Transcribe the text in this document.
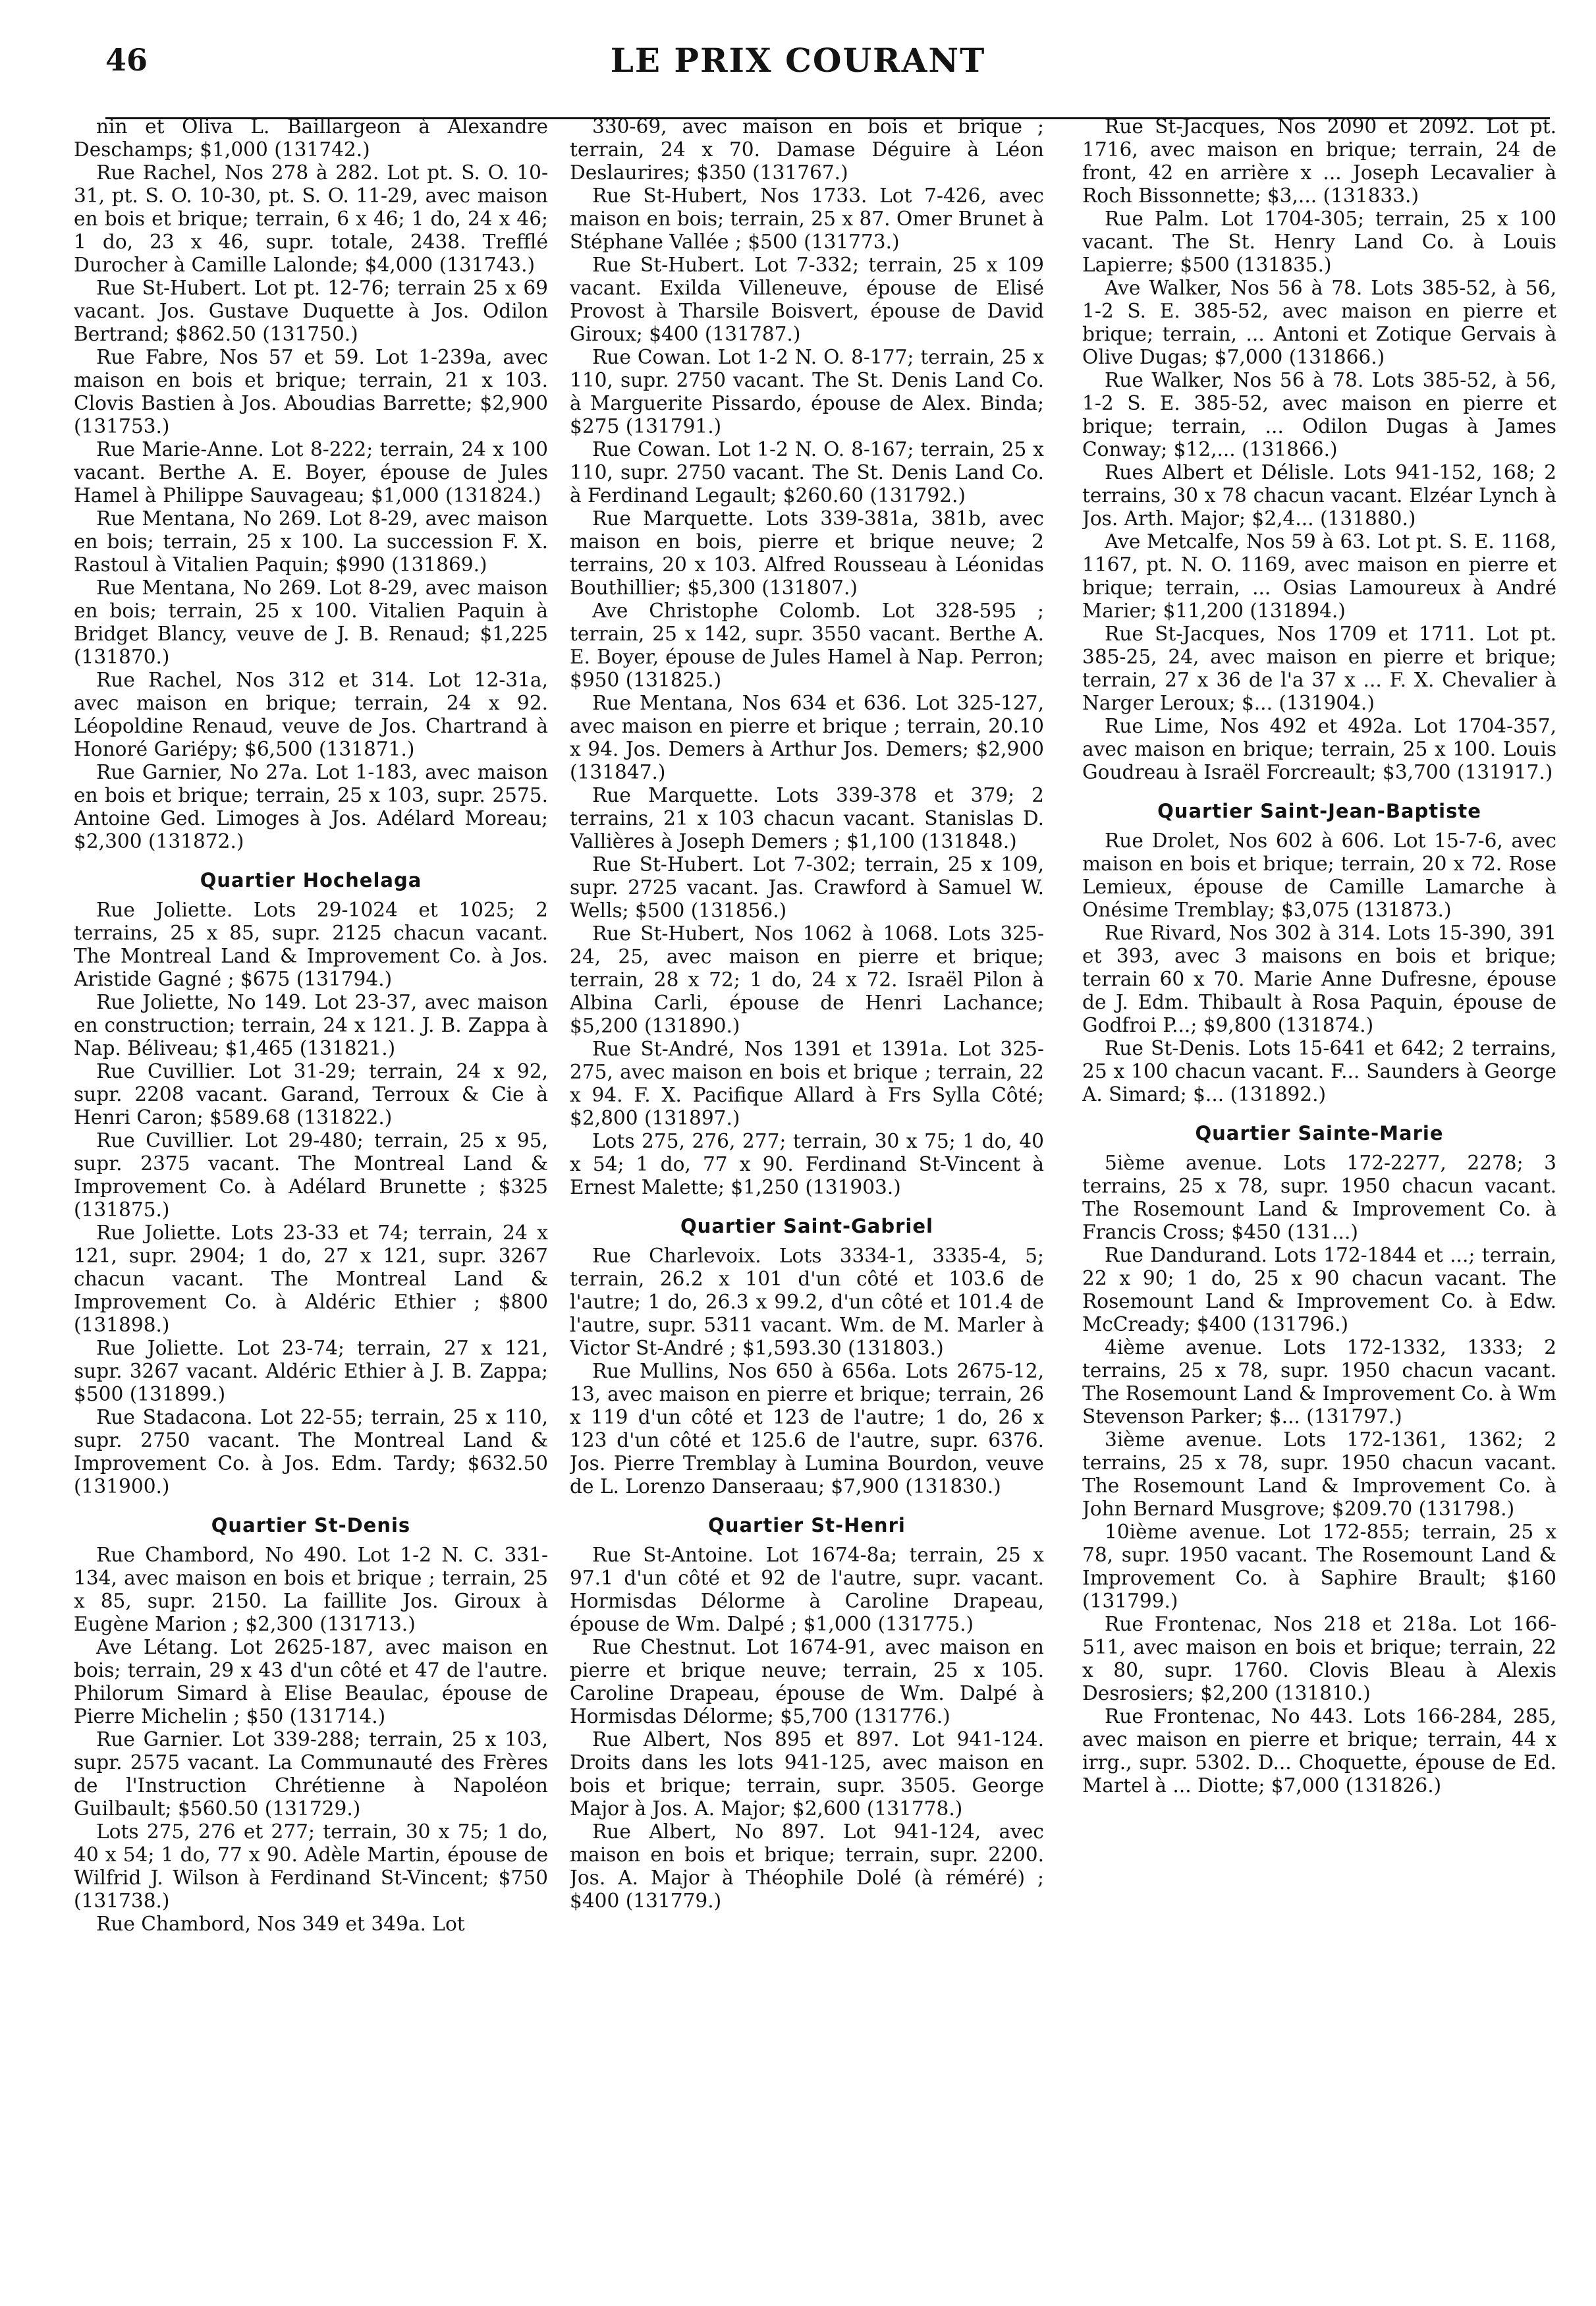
46	LE PRIX COURANT
nin et Oliva L. Baillargeon à Alexandre Deschamps; $1,000 (131742.)
Rue Rachel, Nos 278 à 282. Lot pt. S. O. 10-31, pt. S. O. 10-30, pt. S. O. 11-29, avec maison en bois et brique; terrain, 6 x 46; 1 do, 24 x 46; 1 do, 23 x 46, supr. totale, 2438. Trefflé Durocher à Camille Lalonde; $4,000 (131743.)
Rue St-Hubert. Lot pt. 12-76; terrain 25 x 69 vacant. Jos. Gustave Duquette à Jos. Odilon Bertrand; $862.50 (131750.)
Rue Fabre, Nos 57 et 59. Lot 1-239a, avec maison en bois et brique; terrain, 21 x 103. Clovis Bastien à Jos. Aboudias Barrette; $2,900 (131753.)
Rue Marie-Anne. Lot 8-222; terrain, 24 x 100 vacant. Berthe A. E. Boyer, épouse de Jules Hamel à Philippe Sauvageau; $1,000 (131824.)
Rue Mentana, No 269. Lot 8-29, avec maison en bois; terrain, 25 x 100. La succession F. X. Rastoul à Vitalien Paquin; $990 (131869.)
Rue Mentana, No 269. Lot 8-29, avec maison en bois; terrain, 25 x 100. Vitalien Paquin à Bridget Blancy, veuve de J. B. Renaud; $1,225 (131870.)
Rue Rachel, Nos 312 et 314. Lot 12-31a, avec maison en brique; terrain, 24 x 92. Léopoldine Renaud, veuve de Jos. Chartrand à Honoré Gariépy; $6,500 (131871.)
Rue Garnier, No 27a. Lot 1-183, avec maison en bois et brique; terrain, 25 x 103, supr. 2575. Antoine Ged. Limoges à Jos. Adélard Moreau; $2,300 (131872.)
Quartier Hochelaga
Rue Joliette. Lots 29-1024 et 1025; 2 terrains, 25 x 85, supr. 2125 chacun vacant. The Montreal Land & Improvement Co. à Jos. Aristide Gagné ; $675 (131794.)
Rue Joliette, No 149. Lot 23-37, avec maison en construction; terrain, 24 x 121. J. B. Zappa à Nap. Béliveau; $1,465 (131821.)
Rue Cuvillier. Lot 31-29; terrain, 24 x 92, supr. 2208 vacant. Garand, Terroux & Cie à Henri Caron; $589.68 (131822.)
Rue Cuvillier. Lot 29-480; terrain, 25 x 95, supr. 2375 vacant. The Montreal Land & Improvement Co. à Adélard Brunette ; $325 (131875.)
Rue Joliette. Lots 23-33 et 74; terrain, 24 x 121, supr. 2904; 1 do, 27 x 121, supr. 3267 chacun vacant. The Montreal Land & Improvement Co. à Aldéric Ethier ; $800 (131898.)
Rue Joliette. Lot 23-74; terrain, 27 x 121, supr. 3267 vacant. Aldéric Ethier à J. B. Zappa; $500 (131899.)
Rue Stadacona. Lot 22-55; terrain, 25 x 110, supr. 2750 vacant. The Montreal Land & Improvement Co. à Jos. Edm. Tardy; $632.50 (131900.)
Quartier St-Denis
Rue Chambord, No 490. Lot 1-2 N. C. 331-134, avec maison en bois et brique ; terrain, 25 x 85, supr. 2150. La faillite Jos. Giroux à Eugène Marion ; $2,300 (131713.)
Ave Létang. Lot 2625-187, avec maison en bois; terrain, 29 x 43 d'un côté et 47 de l'autre. Philorum Simard à Elise Beaulac, épouse de Pierre Michelin ; $50 (131714.)
Rue Garnier. Lot 339-288; terrain, 25 x 103, supr. 2575 vacant. La Communauté des Frères de l'Instruction Chrétienne à Napoléon Guilbault; $560.50 (131729.)
Lots 275, 276 et 277; terrain, 30 x 75; 1 do, 40 x 54; 1 do, 77 x 90. Adèle Martin, épouse de Wilfrid J. Wilson à Ferdinand St-Vincent; $750 (131738.)
Rue Chambord, Nos 349 et 349a. Lot
330-69, avec maison en bois et brique ; terrain, 24 x 70. Damase Déguire à Léon Deslaurires; $350 (131767.)
Rue St-Hubert, Nos 1733. Lot 7-426, avec maison en bois; terrain, 25 x 87. Omer Brunet à Stéphane Vallée ; $500 (131773.)
Rue St-Hubert. Lot 7-332; terrain, 25 x 109 vacant. Exilda Villeneuve, épouse de Elisé Provost à Tharsile Boisvert, épouse de David Giroux; $400 (131787.)
Rue Cowan. Lot 1-2 N. O. 8-177; terrain, 25 x 110, supr. 2750 vacant. The St. Denis Land Co. à Marguerite Pissardo, épouse de Alex. Binda; $275 (131791.)
Rue Cowan. Lot 1-2 N. O. 8-167; terrain, 25 x 110, supr. 2750 vacant. The St. Denis Land Co. à Ferdinand Legault; $260.60 (131792.)
Rue Marquette. Lots 339-381a, 381b, avec maison en bois, pierre et brique neuve; 2 terrains, 20 x 103. Alfred Rousseau à Léonidas Bouthillier; $5,300 (131807.)
Ave Christophe Colomb. Lot 328-595 ; terrain, 25 x 142, supr. 3550 vacant. Berthe A. E. Boyer, épouse de Jules Hamel à Nap. Perron; $950 (131825.)
Rue Mentana, Nos 634 et 636. Lot 325-127, avec maison en pierre et brique ; terrain, 20.10 x 94. Jos. Demers à Arthur Jos. Demers; $2,900 (131847.)
Rue Marquette. Lots 339-378 et 379; 2 terrains, 21 x 103 chacun vacant. Stanislas D. Vallières à Joseph Demers ; $1,100 (131848.)
Rue St-Hubert. Lot 7-302; terrain, 25 x 109, supr. 2725 vacant. Jas. Crawford à Samuel W. Wells; $500 (131856.)
Rue St-Hubert, Nos 1062 à 1068. Lots 325-24, 25, avec maison en pierre et brique; terrain, 28 x 72; 1 do, 24 x 72. Israël Pilon à Albina Carli, épouse de Henri Lachance; $5,200 (131890.)
Rue St-André, Nos 1391 et 1391a. Lot 325-275, avec maison en bois et brique ; terrain, 22 x 94. F. X. Pacifique Allard à Frs Sylla Côté; $2,800 (131897.)
Lots 275, 276, 277; terrain, 30 x 75; 1 do, 40 x 54; 1 do, 77 x 90. Ferdinand St-Vincent à Ernest Malette; $1,250 (131903.)
Quartier Saint-Gabriel
Rue Charlevoix. Lots 3334-1, 3335-4, 5; terrain, 26.2 x 101 d'un côté et 103.6 de l'autre; 1 do, 26.3 x 99.2, d'un côté et 101.4 de l'autre, supr. 5311 vacant. Wm. de M. Marler à Victor St-André ; $1,593.30 (131803.)
Rue Mullins, Nos 650 à 656a. Lots 2675-12, 13, avec maison en pierre et brique; terrain, 26 x 119 d'un côté et 123 de l'autre; 1 do, 26 x 123 d'un côté et 125.6 de l'autre, supr. 6376. Jos. Pierre Tremblay à Lumina Bourdon, veuve de L. Lorenzo Danseraau; $7,900 (131830.)
Quartier St-Henri
Rue St-Antoine. Lot 1674-8a; terrain, 25 x 97.1 d'un côté et 92 de l'autre, supr. vacant. Hormisdas Délorme à Caroline Drapeau, épouse de Wm. Dalpé ; $1,000 (131775.)
Rue Chestnut. Lot 1674-91, avec maison en pierre et brique neuve; terrain, 25 x 105. Caroline Drapeau, épouse de Wm. Dalpé à Hormisdas Délorme; $5,700 (131776.)
Rue Albert, Nos 895 et 897. Lot 941-124. Droits dans les lots 941-125, avec maison en bois et brique; terrain, supr. 3505. George Major à Jos. A. Major; $2,600 (131778.)
Rue Albert, No 897. Lot 941-124, avec maison en bois et brique; terrain, supr. 2200. Jos. A. Major à Théophile Dolé (à réméré) ; $400 (131779.)
Rue St-Jacques, Nos 2090 et 2092. Lot pt. 1716, avec maison en brique; terrain, 24 de front, 42 en arrière x ... Joseph Lecavalier à Roch Bissonnette; $3,... (131833.)
Rue Palm. Lot 1704-305; terrain, 25 x 100 vacant. The St. Henry Land Co. à Louis Lapierre; $500 (131835.)
Ave Walker, Nos 56 à 78. Lots 385-52, à 56, 1-2 S. E. 385-52, avec maison en pierre et brique; terrain, ... Antoni et Zotique Gervais à Olive Dugas; $7,000 (131866.)
Rue Walker, Nos 56 à 78. Lots 385-52, à 56, 1-2 S. E. 385-52, avec maison en pierre et brique; terrain, ... Odilon Dugas à James Conway; $12,... (131866.)
Rues Albert et Délisle. Lots 941-152, 168; 2 terrains, 30 x 78 chacun vacant. Elzéar Lynch à Jos. Arth. Major; $2,4... (131880.)
Ave Metcalfe, Nos 59 à 63. Lot pt. S. E. 1168, 1167, pt. N. O. 1169, avec maison en pierre et brique; terrain, ... Osias Lamoureux à André Marier; $11,200 (131894.)
Rue St-Jacques, Nos 1709 et 1711. Lot pt. 385-25, 24, avec maison en pierre et brique; terrain, 27 x 36 de l'a 37 x ... F. X. Chevalier à Narger Leroux; $... (131904.)
Rue Lime, Nos 492 et 492a. Lot 1704-357, avec maison en brique; terrain, 25 x 100. Louis Goudreau à Israël Forcreault; $3,700 (131917.)
Quartier Saint-Jean-Baptiste
Rue Drolet, Nos 602 à 606. Lot 15-7-6, avec maison en bois et brique; terrain, 20 x 72. Rose Lemieux, épouse de Camille Lamarche à Onésime Tremblay; $3,075 (131873.)
Rue Rivard, Nos 302 à 314. Lots 15-390, 391 et 393, avec 3 maisons en bois et brique; terrain 60 x 70. Marie Anne Dufresne, épouse de J. Edm. Thibault à Rosa Paquin, épouse de Godfroi P...; $9,800 (131874.)
Rue St-Denis. Lots 15-641 et 642; 2 terrains, 25 x 100 chacun vacant. F... Saunders à George A. Simard; $... (131892.)
Quartier Sainte-Marie
5ième avenue. Lots 172-2277, 2278; 3 terrains, 25 x 78, supr. 1950 chacun vacant. The Rosemount Land & Improvement Co. à Francis Cross; $450 (131...)
Rue Dandurand. Lots 172-1844 et ...; terrain, 22 x 90; 1 do, 25 x 90 chacun vacant. The Rosemount Land & Improvement Co. à Edw. McCready; $400 (131796.)
4ième avenue. Lots 172-1332, 1333; 2 terrains, 25 x 78, supr. 1950 chacun vacant. The Rosemount Land & Improvement Co. à Wm Stevenson Parker; $... (131797.)
3ième avenue. Lots 172-1361, 1362; 2 terrains, 25 x 78, supr. 1950 chacun vacant. The Rosemount Land & Improvement Co. à John Bernard Musgrove; $209.70 (131798.)
10ième avenue. Lot 172-855; terrain, 25 x 78, supr. 1950 vacant. The Rosemount Land & Improvement Co. à Saphire Brault; $160 (131799.)
Rue Frontenac, Nos 218 et 218a. Lot 166-511, avec maison en bois et brique; terrain, 22 x 80, supr. 1760. Clovis Bleau à Alexis Desrosiers; $2,200 (131810.)
Rue Frontenac, No 443. Lots 166-284, 285, avec maison en pierre et brique; terrain, 44 x irrg., supr. 5302. D... Choquette, épouse de Ed. Martel à ... Diotte; $7,000 (131826.)
